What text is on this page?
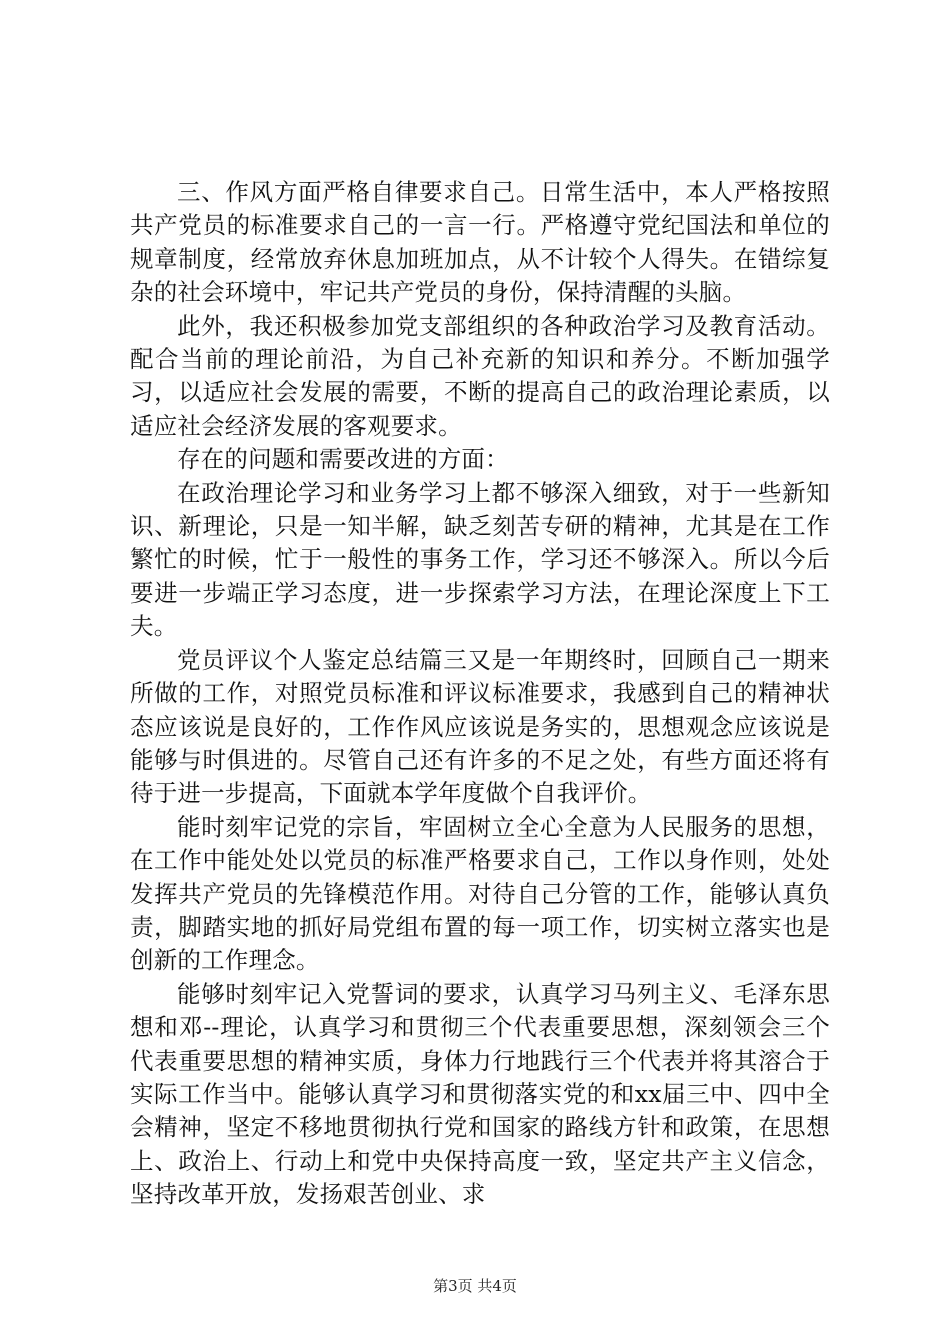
三、作风方面严格自律要求自己。日常生活中，本人严格按照共产党员的标准要求自己的一言一行。严格遵守党纪国法和单位的规章制度，经常放弃休息加班加点，从不计较个人得失。在错综复杂的社会环境中，牢记共产党员的身份，保持清醒的头脑。

此外，我还积极参加党支部组织的各种政治学习及教育活动。配合当前的理论前沿，为自己补充新的知识和养分。不断加强学习，以适应社会发展的需要，不断的提高自己的政治理论素质，以适应社会经济发展的客观要求。

存在的问题和需要改进的方面：

在政治理论学习和业务学习上都不够深入细致，对于一些新知识、新理论，只是一知半解，缺乏刻苦专研的精神，尤其是在工作繁忙的时候，忙于一般性的事务工作，学习还不够深入。所以今后要进一步端正学习态度，进一步探索学习方法，在理论深度上下工夫。

党员评议个人鉴定总结篇三又是一年期终时，回顾自己一期来所做的工作，对照党员标准和评议标准要求，我感到自己的精神状态应该说是良好的，工作作风应该说是务实的，思想观念应该说是能够与时俱进的。尽管自己还有许多的不足之处，有些方面还将有待于进一步提高，下面就本学年度做个自我评价。

能时刻牢记党的宗旨，牢固树立全心全意为人民服务的思想，在工作中能处处以党员的标准严格要求自己，工作以身作则，处处发挥共产党员的先锋模范作用。对待自己分管的工作，能够认真负责，脚踏实地的抓好局党组布置的每一项工作，切实树立落实也是创新的工作理念。

能够时刻牢记入党誓词的要求，认真学习马列主义、毛泽东思想和邓--理论，认真学习和贯彻三个代表重要思想，深刻领会三个代表重要思想的精神实质，身体力行地践行三个代表并将其溶合于实际工作当中。能够认真学习和贯彻落实党的和xx届三中、四中全会精神，坚定不移地贯彻执行党和国家的路线方针和政策，在思想上、政治上、行动上和党中央保持高度一致，坚定共产主义信念，坚持改革开放，发扬艰苦创业、求

第3页 共4页
